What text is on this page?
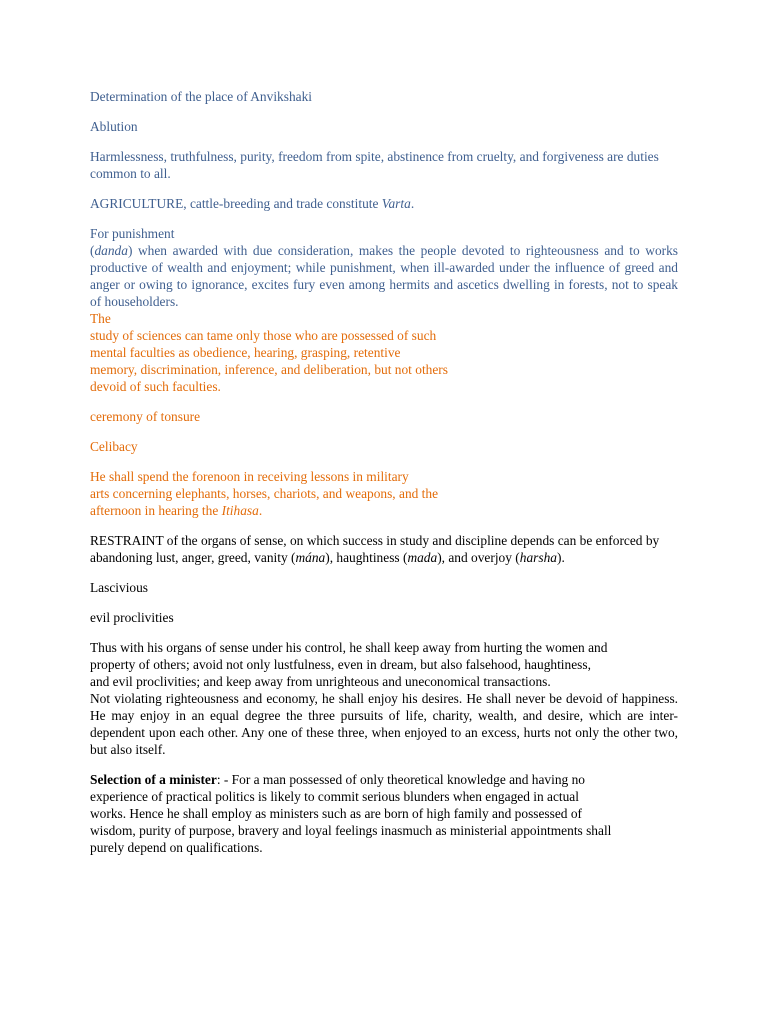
Determination of the place of Anvikshaki

Ablution

Harmlessness, truthfulness, purity, freedom from spite, abstinence from cruelty, and forgiveness are duties common to all.

AGRICULTURE, cattle-breeding and trade constitute Varta.

For punishment

(danda) when awarded with due consideration, makes the people devoted to righteousness and to works productive of wealth and enjoyment; while punishment, when ill-awarded under the influence of greed and anger or owing to ignorance, excites fury even among hermits and ascetics dwelling in forests, not to speak of householders.

The
study of sciences can tame only those who are possessed of such
mental faculties as obedience, hearing, grasping, retentive
memory, discrimination, inference, and deliberation, but not others
devoid of such faculties.

ceremony of tonsure

Celibacy

He shall spend the forenoon in receiving lessons in military
arts concerning elephants, horses, chariots, and weapons, and the
afternoon in hearing the Itihasa.

RESTRAINT of the organs of sense, on which success in study and discipline depends can be enforced by abandoning lust, anger, greed, vanity (mána), haughtiness (mada), and overjoy (harsha).

Lascivious

evil proclivities

Thus with his organs of sense under his control, he shall keep away from hurting the women and
property of others; avoid not only lustfulness, even in dream, but also falsehood, haughtiness,
and evil proclivities; and keep away from unrighteous and uneconomical transactions.

Not violating righteousness and economy, he shall enjoy his desires. He shall never be devoid of happiness. He may enjoy in an equal degree the three pursuits of life, charity, wealth, and desire, which are inter-dependent upon each other. Any one of these three, when enjoyed to an excess, hurts not only the other two, but also itself.

Selection of a minister: - For a man possessed of only theoretical knowledge and having no
experience of practical politics is likely to commit serious blunders when engaged in actual
works. Hence he shall employ as ministers such as are born of high family and possessed of
wisdom, purity of purpose, bravery and loyal feelings inasmuch as ministerial appointments shall
purely depend on qualifications.
